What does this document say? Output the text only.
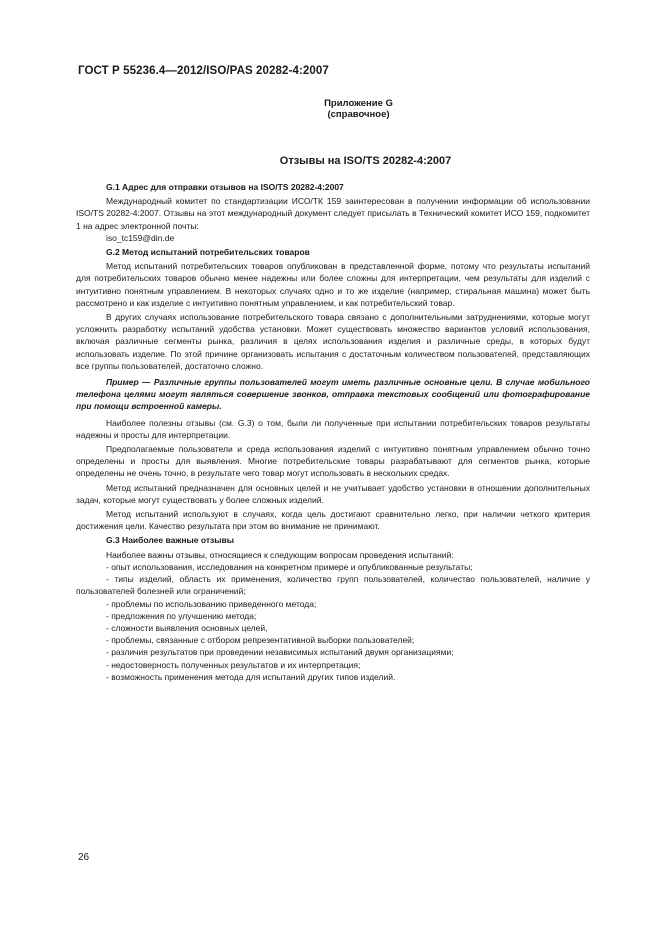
ГОСТ Р 55236.4—2012/ISO/PAS 20282-4:2007
Приложение G
(справочное)
Отзывы на ISO/TS 20282-4:2007

G.1 Адрес для отправки отзывов на ISO/TS 20282-4:2007

Международный комитет по стандартизации ИСО/ТК 159 заинтересован в получении информации об использовании ISO/TS 20282-4:2007. Отзывы на этот международный документ следует присылать в Технический комитет ИСО 159, подкомитет 1 на адрес электронной почты:

iso_tc159@din.de

G.2 Метод испытаний потребительских товаров

Метод испытаний потребительских товаров опубликован в представленной форме, потому что результаты испытаний для потребительских товаров обычно менее надежны или более сложны для интерпретации, чем результаты для изделий с интуитивно понятным управлением. В некоторых случаях одно и то же изделие (например, стиральная машина) может быть рассмотрено и как изделие с интуитивно понятным управлением, и как потребительский товар.

В других случаях использование потребительского товара связано с дополнительными затруднениями, которые могут усложнить разработку испытаний удобства установки. Может существовать множество вариантов условий использования, включая различные сегменты рынка, различия в целях использования изделия и различные среды, в которых будут использовать изделие. По этой причине организовать испытания с достаточным количеством пользователей, представляющих все группы пользователей, достаточно сложно.

Пример — Различные группы пользователей могут иметь различные основные цели. В случае мобильного телефона целями могут являться совершение звонков, отправка текстовых сообщений или фотографирование при помощи встроенной камеры.

Наиболее полезны отзывы (см. G.3) о том, были ли полученные при испытании потребительских товаров результаты надежны и просты для интерпретации.

Предполагаемые пользователи и среда использования изделий с интуитивно понятным управлением обычно точно определены и просты для выявления. Многие потребительские товары разрабатывают для сегментов рынка, которые определены не очень точно, в результате чего товар могут использовать в нескольких средах.

Метод испытаний предназначен для основных целей и не учитывает удобство установки в отношении дополнительных задач, которые могут существовать у более сложных изделий.

Метод испытаний используют в случаях, когда цель достигают сравнительно легко, при наличии четкого критерия достижения цели. Качество результата при этом во внимание не принимают.

G.3 Наиболее важные отзывы

Наиболее важны отзывы, относящиеся к следующим вопросам проведения испытаний:

- опыт использования, исследования на конкретном примере и опубликованные результаты;

- типы изделий, область их применения, количество групп пользователей, количество пользователей, наличие у пользователей болезней или ограничений;

- проблемы по использованию приведенного метода;

- предложения по улучшению метода;

- сложности выявления основных целей,

- проблемы, связанные с отбором репрезентативной выборки пользователей;

- различия результатов при проведении независимых испытаний двумя организациями;

- недостоверность полученных результатов и их интерпретация;

- возможность применения метода для испытаний других типов изделий.

26
